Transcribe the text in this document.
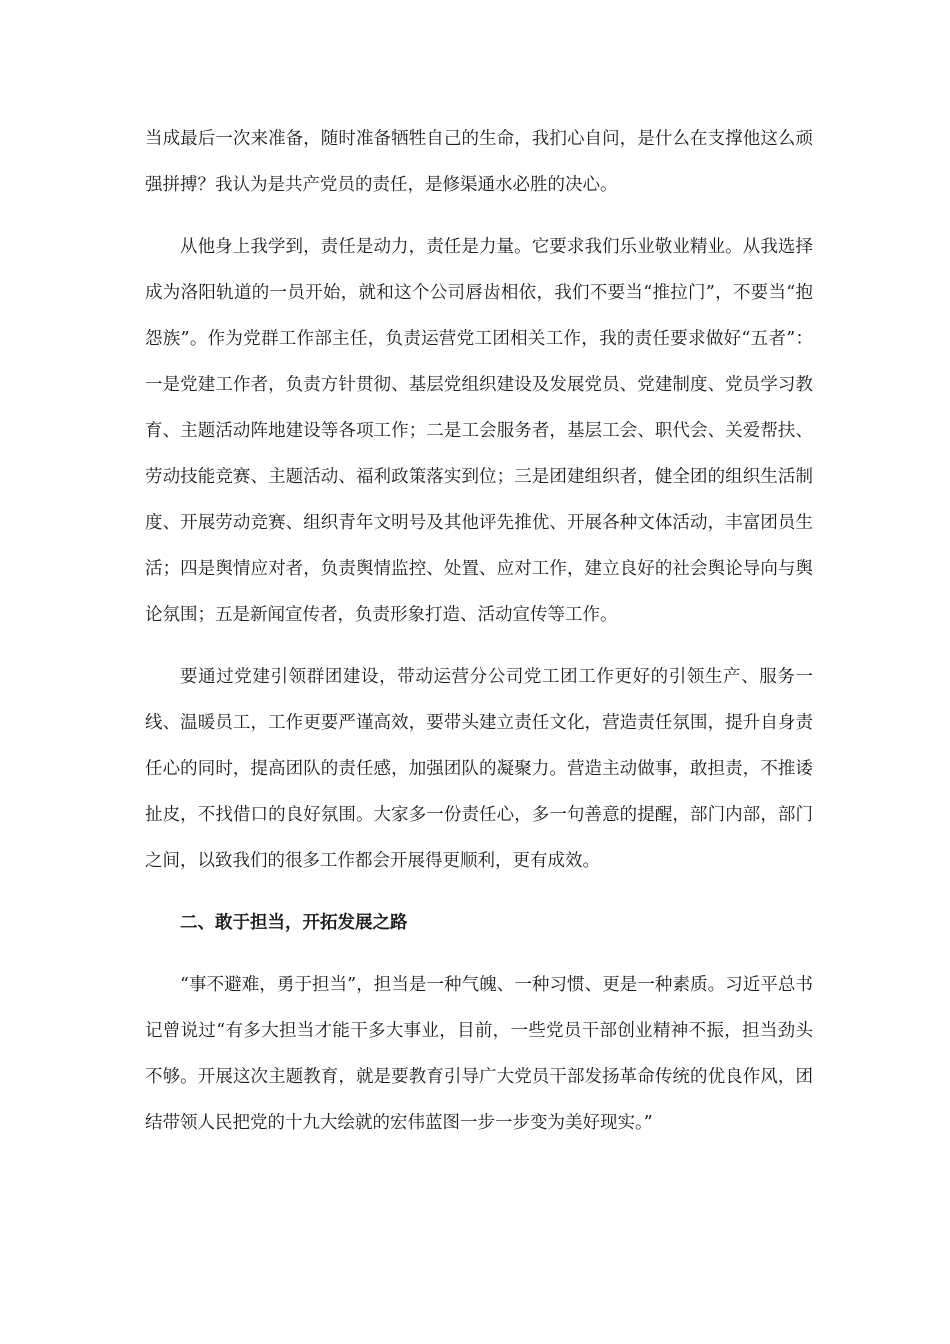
当成最后一次来准备，随时准备牺牲自己的生命，我扪心自问，是什么在支撑他这么顽强拼搏？我认为是共产党员的责任，是修渠通水必胜的决心。

从他身上我学到，责任是动力，责任是力量。它要求我们乐业敬业精业。从我选择成为洛阳轨道的一员开始，就和这个公司唇齿相依，我们不要当“推拉门”，不要当“抱怨族”。作为党群工作部主任，负责运营党工团相关工作，我的责任要求做好“五者”：一是党建工作者，负责方针贯彻、基层党组织建设及发展党员、党建制度、党员学习教育、主题活动阵地建设等各项工作；二是工会服务者，基层工会、职代会、关爱帮扶、劳动技能竞赛、主题活动、福利政策落实到位；三是团建组织者，健全团的组织生活制度、开展劳动竞赛、组织青年文明号及其他评先推优、开展各种文体活动，丰富团员生活；四是舆情应对者，负责舆情监控、处置、应对工作，建立良好的社会舆论导向与舆论氛围；五是新闻宣传者，负责形象打造、活动宣传等工作。

要通过党建引领群团建设，带动运营分公司党工团工作更好的引领生产、服务一线、温暖员工，工作更要严谨高效，要带头建立责任文化，营造责任氛围，提升自身责任心的同时，提高团队的责任感，加强团队的凝聚力。营造主动做事，敢担责，不推诿扯皮，不找借口的良好氛围。大家多一份责任心，多一句善意的提醒，部门内部，部门之间，以致我们的很多工作都会开展得更顺利，更有成效。

二、敢于担当，开拓发展之路

“事不避难，勇于担当”，担当是一种气魄、一种习惯、更是一种素质。习近平总书记曾说过“有多大担当才能干多大事业，目前，一些党员干部创业精神不振，担当劲头不够。开展这次主题教育，就是要教育引导广大党员干部发扬革命传统的优良作风，团结带领人民把党的十九大绘就的宏伟蓝图一步一步变为美好现实。”
